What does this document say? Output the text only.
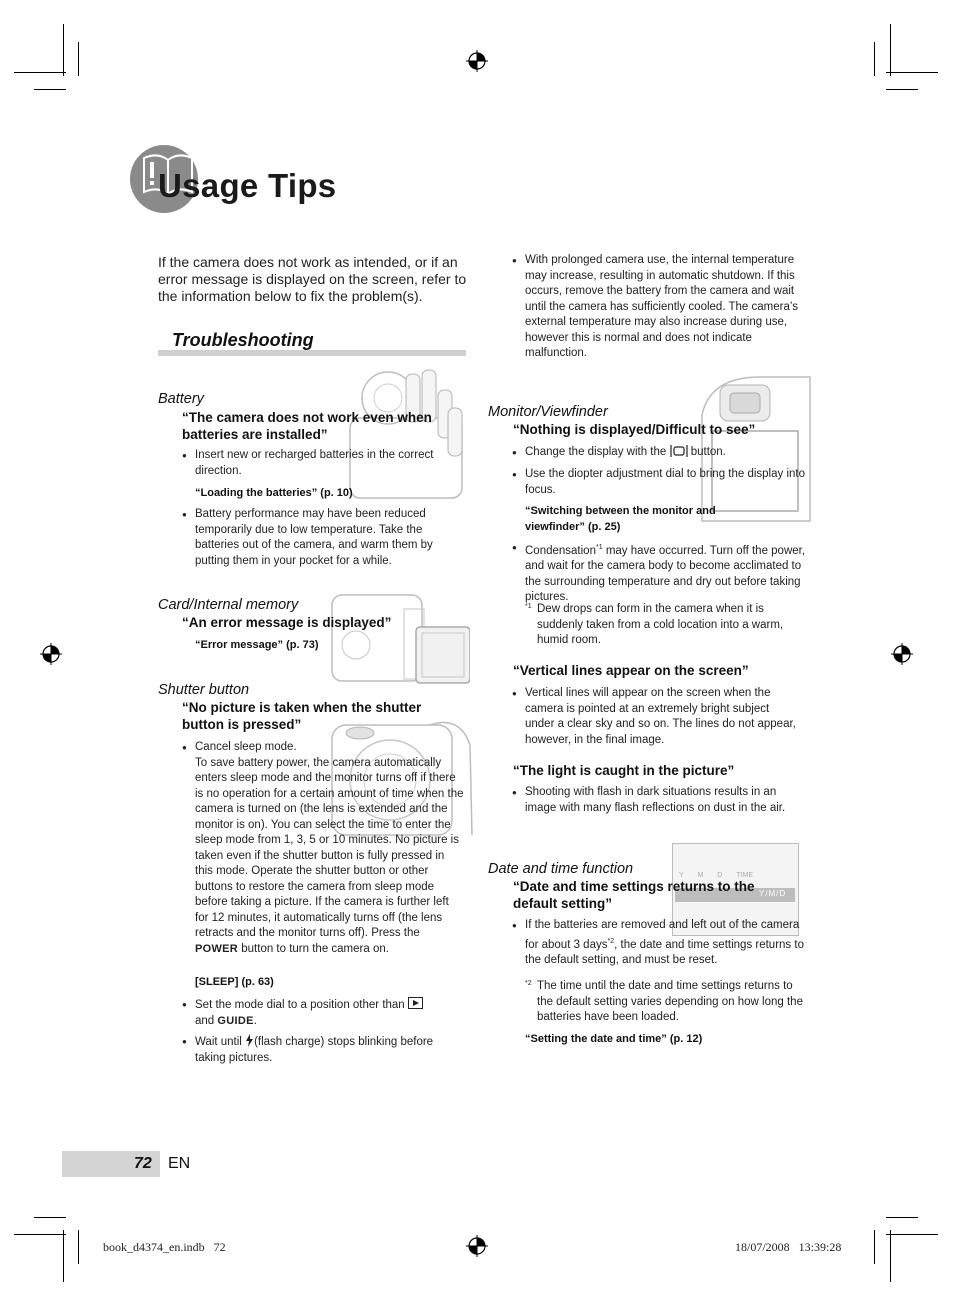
Usage Tips
If the camera does not work as intended, or if an error message is displayed on the screen, refer to the information below to fix the problem(s).
Troubleshooting
Y M D TIME
Y/M/D
Battery
“The camera does not work even when batteries are installed”
● Insert new or recharged batteries in the correct direction.
“Loading the batteries” (p. 10)
● Battery performance may have been reduced temporarily due to low temperature. Take the batteries out of the camera, and warm them by putting them in your pocket for a while.
Card/Internal memory
“An error message is displayed”
“Error message” (p. 73)
Shutter button
“No picture is taken when the shutter button is pressed”
● Cancel sleep mode.
To save battery power, the camera automatically enters sleep mode and the monitor turns off if there is no operation for a certain amount of time when the camera is turned on (the lens is extended and the monitor is on). You can select the time to enter the sleep mode from 1, 3, 5 or 10 minutes. No picture is taken even if the shutter button is fully pressed in this mode. Operate the shutter button or other buttons to restore the camera from sleep mode before taking a picture. If the camera is further left for 12 minutes, it automatically turns off (the lens retracts and the monitor turns off). Press the POWER button to turn the camera on.
[SLEEP] (p. 63)
● Set the mode dial to a position other than

and GUIDE.
● Wait until (flash charge) stops blinking before taking pictures.
● With prolonged camera use, the internal temperature may increase, resulting in automatic shutdown. If this occurs, remove the battery from the camera and wait until the camera has sufficiently cooled. The camera’s external temperature may also increase during use, however this is normal and does not indicate malfunction.
Monitor/Viewfinder
“Nothing is displayed/Difficult to see”
● Change the display with the button.
● Use the diopter adjustment dial to bring the display into focus.
“Switching between the monitor and viewfinder” (p. 25)
● Condensation$^{*1}$ may have occurred. Turn off the power, and wait for the camera body to become acclimated to the surrounding temperature and dry out before taking pictures.
*1 Dew drops can form in the camera when it is suddenly taken from a cold location into a warm, humid room.
“Vertical lines appear on the screen”
● Vertical lines will appear on the screen when the camera is pointed at an extremely bright subject under a clear sky and so on. The lines do not appear, however, in the final image.
“The light is caught in the picture”
● Shooting with flash in dark situations results in an image with many flash reflections on dust in the air.
Date and time function
“Date and time settings returns to the default setting”
● If the batteries are removed and left out of the camera for about 3 days$^{*2}$, the date and time settings returns to the default setting, and must be reset.
*2 The time until the date and time settings returns to the default setting varies depending on how long the batteries have been loaded.
“Setting the date and time” (p. 12)
72 EN
book_d4374_en.indb   72	18/07/2008   13:39:28
